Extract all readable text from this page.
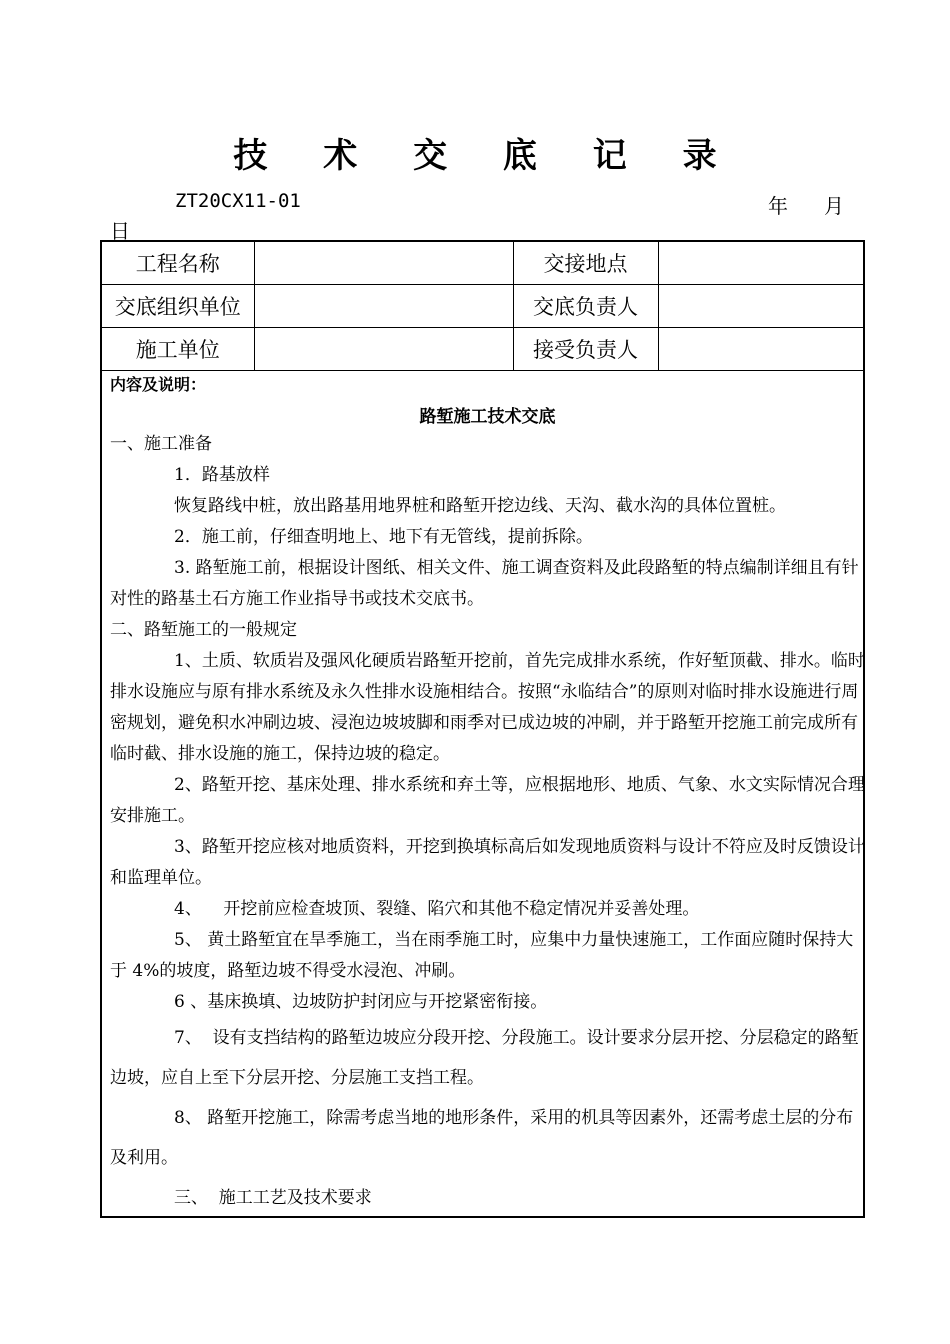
技 术 交 底 记 录
ZT20CX11-01	年 月
日
工程名称		交接地点	
交底组织单位		交底负责人	
施工单位		接受负责人	
内容及说明：
路堑施工技术交底

一、施工准备

1．路基放样

恢复路线中桩，放出路基用地界桩和路堑开挖边线、天沟、截水沟的具体位置桩。

2．施工前，仔细查明地上、地下有无管线，提前拆除。

3. 路堑施工前，根据设计图纸、相关文件、施工调查资料及此段路堑的特点编制详细且有针对性的路基土石方施工作业指导书或技术交底书。

二、路堑施工的一般规定

1、土质、软质岩及强风化硬质岩路堑开挖前，首先完成排水系统，作好堑顶截、排水。临时排水设施应与原有排水系统及永久性排水设施相结合。按照“永临结合”的原则对临时排水设施进行周密规划，避免积水冲刷边坡、浸泡边坡坡脚和雨季对已成边坡的冲刷，并于路堑开挖施工前完成所有临时截、排水设施的施工，保持边坡的稳定。

2、路堑开挖、基床处理、排水系统和弃土等，应根据地形、地质、气象、水文实际情况合理安排施工。

3、路堑开挖应核对地质资料，开挖到换填标高后如发现地质资料与设计不符应及时反馈设计和监理单位。

4、    开挖前应检查坡顶、裂缝、陷穴和其他不稳定情况并妥善处理。

5、 黄土路堑宜在旱季施工，当在雨季施工时，应集中力量快速施工，工作面应随时保持大于 4%的坡度，路堑边坡不得受水浸泡、冲刷。

6 、基床换填、边坡防护封闭应与开挖紧密衔接。

7、  设有支挡结构的路堑边坡应分段开挖、分段施工。设计要求分层开挖、分层稳定的路堑边坡，应自上至下分层开挖、分层施工支挡工程。

8、 路堑开挖施工，除需考虑当地的地形条件，采用的机具等因素外，还需考虑土层的分布及利用。

三、  施工工艺及技术要求
